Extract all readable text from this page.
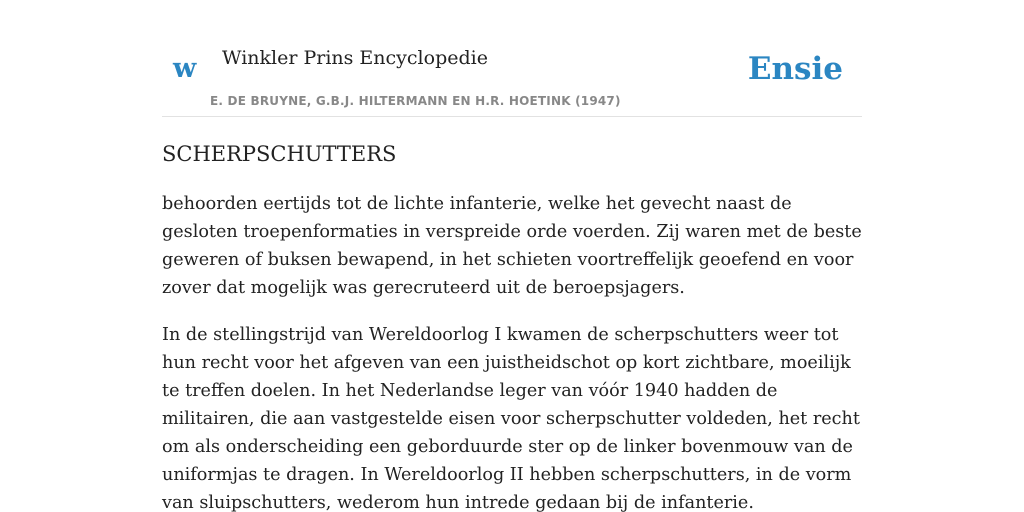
w Winkler Prins Encyclopedie
E. DE BRUYNE, G.B.J. HILTERMANN EN H.R. HOETINK (1947)
Ensie
SCHERPSCHUTTERS

behoorden eertijds tot de lichte infanterie, welke het gevecht naast de gesloten troepenformaties in verspreide orde voerden. Zij waren met de beste geweren of buksen bewapend, in het schieten voortreffelijk geoefend en voor zover dat mogelijk was gerecruteerd uit de beroepsjagers.

In de stellingstrijd van Wereldoorlog I kwamen de scherpschutters weer tot hun recht voor het afgeven van een juistheidschot op kort zichtbare, moeilijk te treffen doelen. In het Nederlandse leger van vóór 1940 hadden de militairen, die aan vastgestelde eisen voor scherpschutter voldeden, het recht om als onderscheiding een geborduurde ster op de linker bovenmouw van de uniformjas te dragen. In Wereldoorlog II hebben scherpschutters, in de vorm van sluipschutters, wederom hun intrede gedaan bij de infanterie.
